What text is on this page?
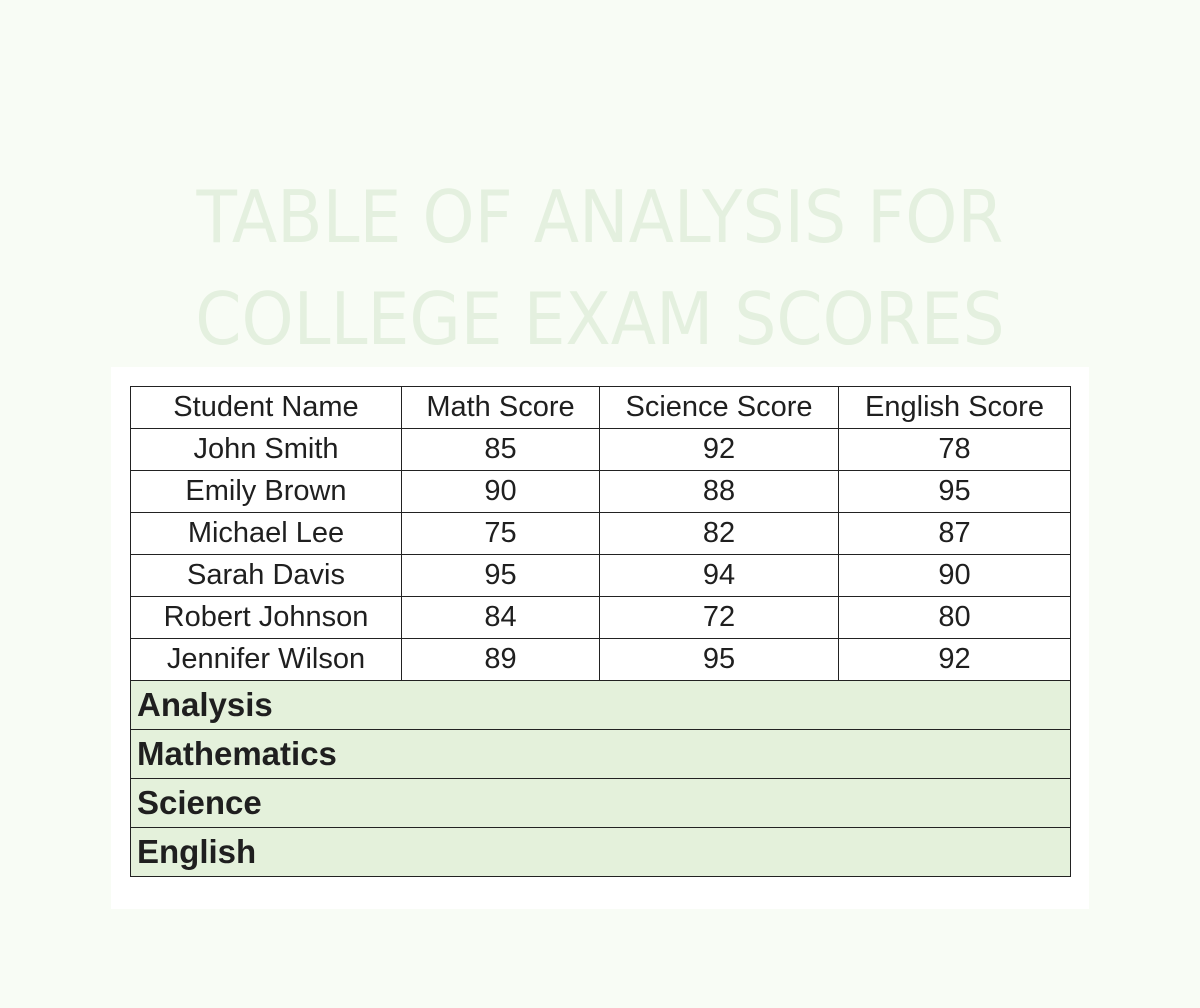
TABLE OF ANALYSIS FOR
COLLEGE EXAM SCORES
Student Name	Math Score	Science Score	English Score
John Smith	85	92	78
Emily Brown	90	88	95
Michael Lee	75	82	87
Sarah Davis	95	94	90
Robert Johnson	84	72	80
Jennifer Wilson	89	95	92
Analysis			
Mathematics			
Science			
English			
